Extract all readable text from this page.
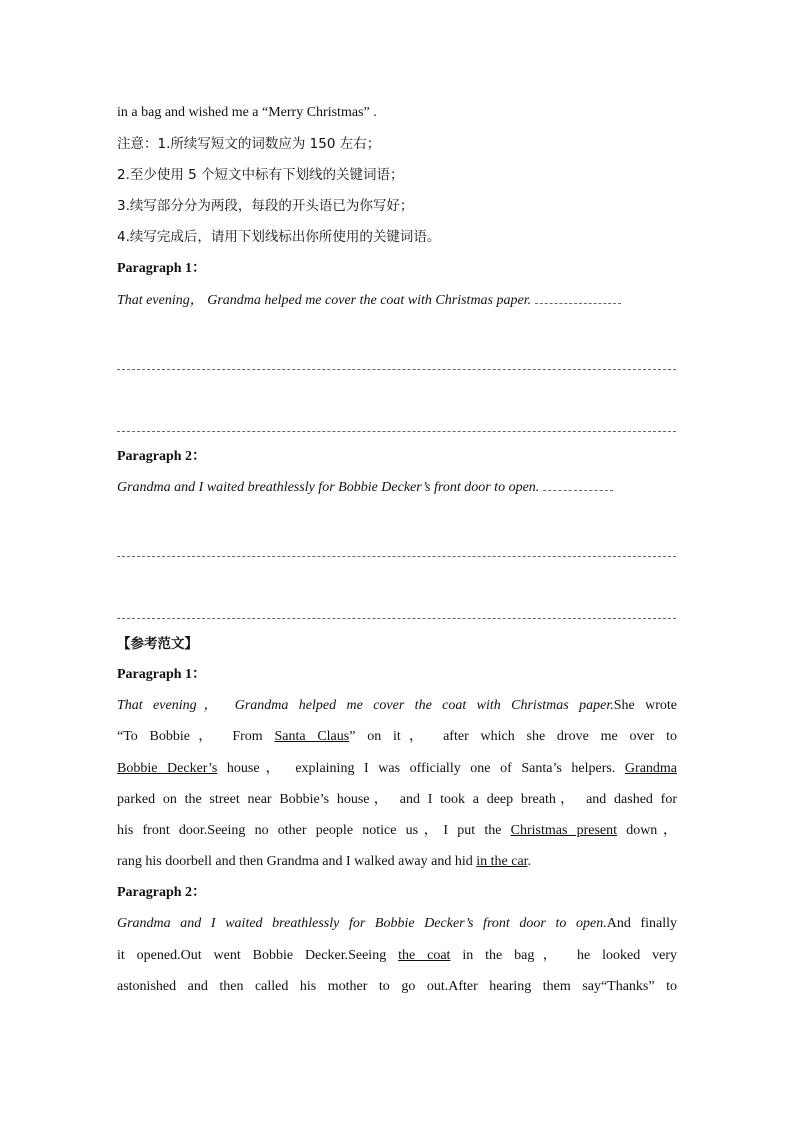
in a bag and wished me a “Merry Christmas” .
注意：1.所续写短文的词数应为 150 左右；
2.至少使用 5 个短文中标有下划线的关键词语；
3.续写部分分为两段，每段的开头语已为你写好；
4.续写完成后，请用下划线标出你所使用的关键词语。
Paragraph 1：
That evening， Grandma helped me cover the coat with Christmas paper.
Paragraph 2：
Grandma and I waited breathlessly for Bobbie Decker’s front door to open.
【参考范文】
Paragraph 1：
That evening， Grandma helped me cover the coat with Christmas paper.She wrote
“To Bobbie， From Santa Claus” on it， after which she drove me over to
Bobbie Decker’s house， explaining I was officially one of Santa’s helpers. Grandma
parked on the street near Bobbie’s house， and I took a deep breath， and dashed for
his front door.Seeing no other people notice us，I put the Christmas present down，
rang his doorbell and then Grandma and I walked away and hid in the car.
Paragraph 2：
Grandma and I waited breathlessly for Bobbie Decker’s front door to open.And finally
it opened.Out went Bobbie Decker.Seeing the coat in the bag， he looked very
astonished and then called his mother to go out.After hearing them say“Thanks” to
